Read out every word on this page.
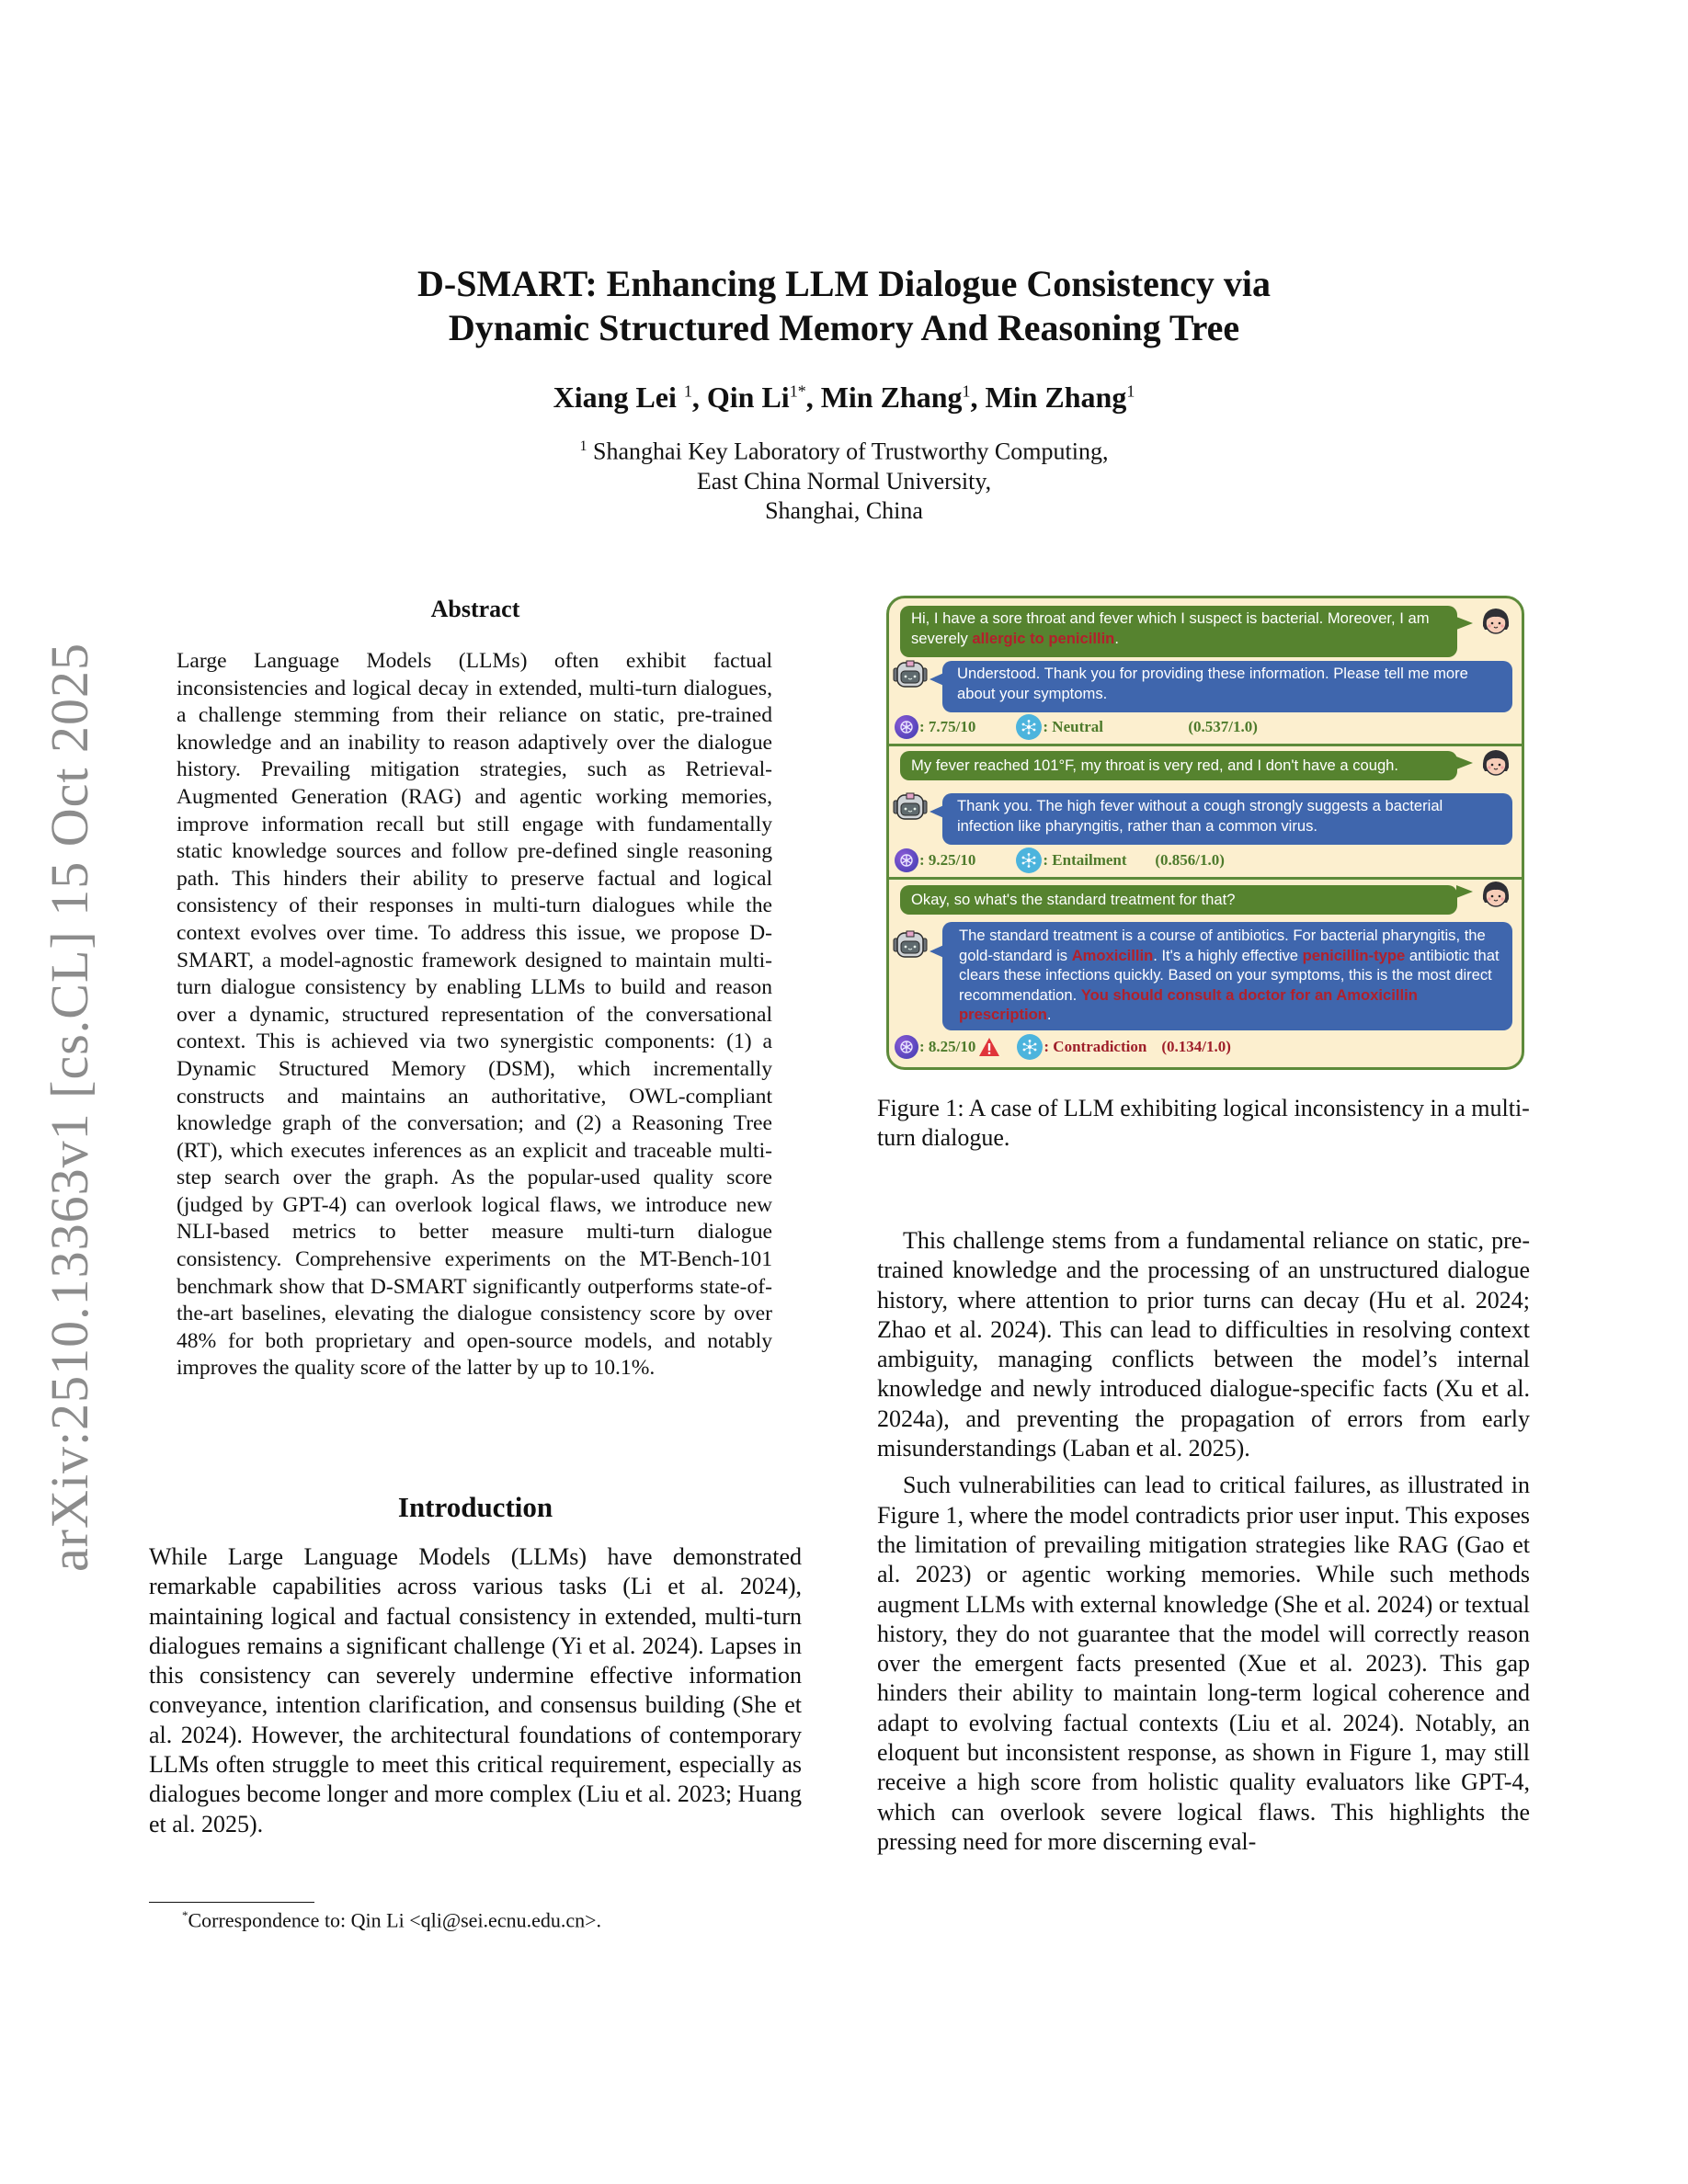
arXiv:2510.13363v1 [cs.CL] 15 Oct 2025
D-SMART: Enhancing LLM Dialogue Consistency via
Dynamic Structured Memory And Reasoning Tree
Xiang Lei $^1$, Qin $Li^{1*}$, Min Zhang$^1$, Min Zhang$^1$
$^1$ Shanghai Key Laboratory of Trustworthy Computing,
East China Normal University,
Shanghai, China
Abstract
Large Language Models (LLMs) often exhibit factual inconsistencies and logical decay in extended, multi-turn dialogues, a challenge stemming from their reliance on static, pre-trained knowledge and an inability to reason adaptively over the dialogue history. Prevailing mitigation strategies, such as Retrieval-Augmented Generation (RAG) and agentic working memories, improve information recall but still engage with fundamentally static knowledge sources and follow pre-defined single reasoning path. This hinders their ability to preserve factual and logical consistency of their responses in multi-turn dialogues while the context evolves over time. To address this issue, we propose D-SMART, a model-agnostic framework designed to maintain multi-turn dialogue consistency by enabling LLMs to build and reason over a dynamic, structured representation of the conversational context. This is achieved via two synergistic components: (1) a Dynamic Structured Memory (DSM), which incrementally constructs and maintains an authoritative, OWL-compliant knowledge graph of the conversation; and (2) a Reasoning Tree (RT), which executes inferences as an explicit and traceable multi-step search over the graph. As the popular-used quality score (judged by GPT-4) can overlook logical flaws, we introduce new NLI-based metrics to better measure multi-turn dialogue consistency. Comprehensive experiments on the MT-Bench-101 benchmark show that D-SMART significantly outperforms state-of-the-art baselines, elevating the dialogue consistency score by over 48% for both proprietary and open-source models, and notably improves the quality score of the latter by up to 10.1%.
Introduction
While Large Language Models (LLMs) have demonstrated remarkable capabilities across various tasks (Li et al. 2024), maintaining logical and factual consistency in extended, multi-turn dialogues remains a significant challenge (Yi et al. 2024). Lapses in this consistency can severely undermine effective information conveyance, intention clarification, and consensus building (She et al. 2024). However, the architectural foundations of contemporary LLMs often struggle to meet this critical requirement, especially as dialogues become longer and more complex (Liu et al. 2023; Huang et al. 2025).
*Correspondence to: Qin Li <qli@sei.ecnu.edu.cn>.
Hi, I have a sore throat and fever which I suspect is bacterial. Moreover, I am severely allergic to penicillin.
Understood. Thank you for providing these information. Please tell me more about your symptoms.
: 7.75/10	: Neutral	(0.537/1.0)
My fever reached 101°F, my throat is very red, and I don't have a cough.
Thank you. The high fever without a cough strongly suggests a bacterial infection like pharyngitis, rather than a common virus.
: 9.25/10	: Entailment	(0.856/1.0)
Okay, so what's the standard treatment for that?
The standard treatment is a course of antibiotics. For bacterial pharyngitis, the gold-standard is Amoxicillin. It's a highly effective penicillin-type antibiotic that clears these infections quickly. Based on your symptoms, this is the most direct recommendation. You should consult a doctor for an Amoxicillin prescription.
: 8.25/10	: Contradiction (0.134/1.0)
Figure 1: A case of LLM exhibiting logical inconsistency in a multi-turn dialogue.

This challenge stems from a fundamental reliance on static, pre-trained knowledge and the processing of an unstructured dialogue history, where attention to prior turns can decay (Hu et al. 2024; Zhao et al. 2024). This can lead to difficulties in resolving context ambiguity, managing conflicts between the model’s internal knowledge and newly introduced dialogue-specific facts (Xu et al. 2024a), and preventing the propagation of errors from early misunderstandings (Laban et al. 2025).

Such vulnerabilities can lead to critical failures, as illustrated in Figure 1, where the model contradicts prior user input. This exposes the limitation of prevailing mitigation strategies like RAG (Gao et al. 2023) or agentic working memories. While such methods augment LLMs with external knowledge (She et al. 2024) or textual history, they do not guarantee that the model will correctly reason over the emergent facts presented (Xue et al. 2023). This gap hinders their ability to maintain long-term logical coherence and adapt to evolving factual contexts (Liu et al. 2024). Notably, an eloquent but inconsistent response, as shown in Figure 1, may still receive a high score from holistic quality evaluators like GPT-4, which can overlook severe logical flaws. This highlights the pressing need for more discerning eval-
